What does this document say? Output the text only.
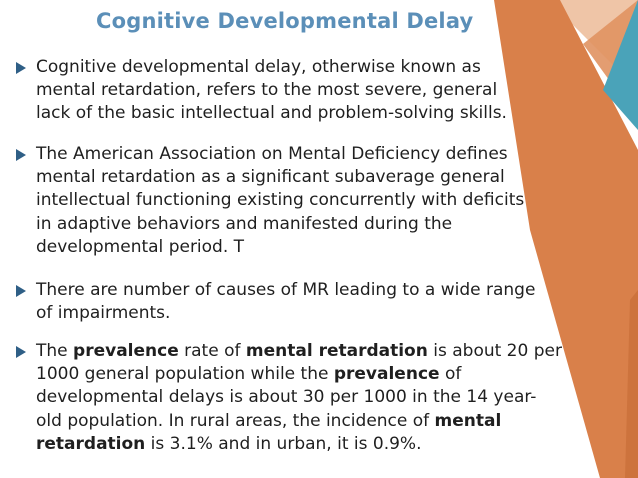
Cognitive Developmental Delay
Cognitive developmental delay, otherwise known as
mental retardation, refers to the most severe, general
lack of the basic intellectual and problem-solving skills.
The American Association on Mental Deficiency defines
mental retardation as a significant subaverage general
intellectual functioning existing concurrently with deficits
in adaptive behaviors and manifested during the
developmental period. T
There are number of causes of MR leading to a wide range
of impairments.
The prevalence rate of mental retardation is about 20 per
1000 general population while the prevalence of
developmental delays is about 30 per 1000 in the 14 year-
old population. In rural areas, the incidence of mental
retardation is 3.1% and in urban, it is 0.9%.
